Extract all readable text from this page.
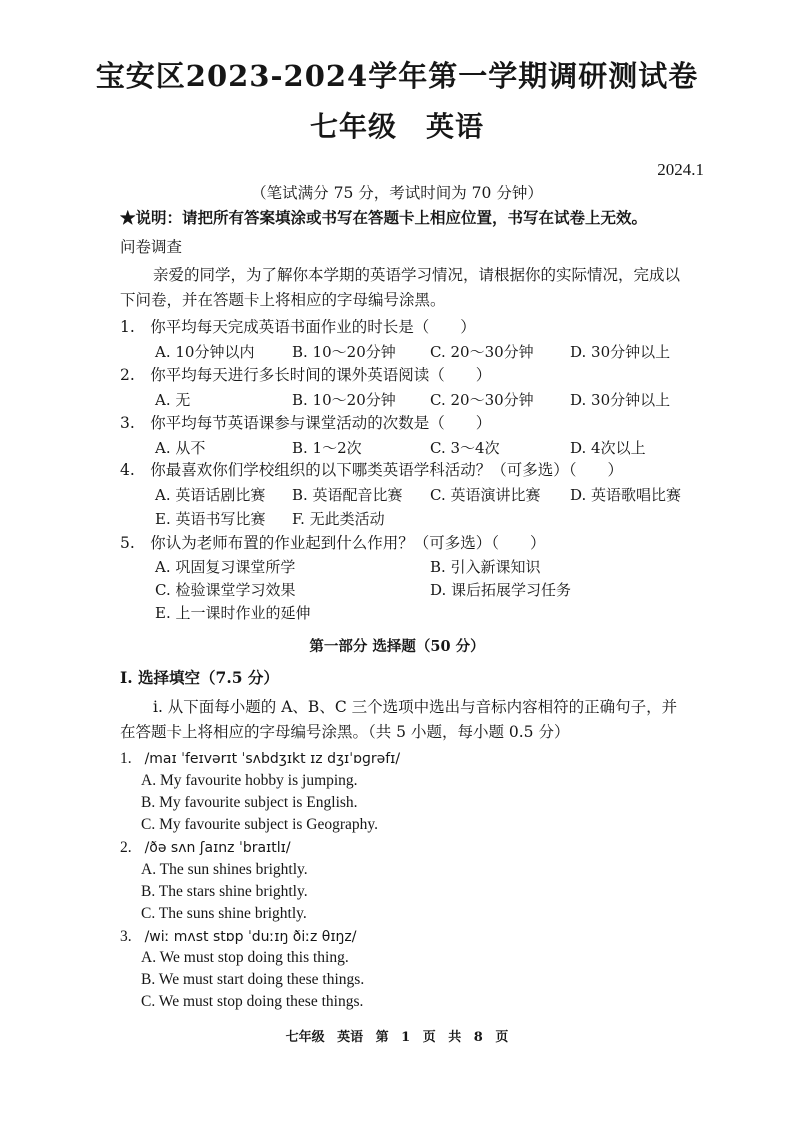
宝安区2023-2024学年第一学期调研测试卷
七年级　英语
2024.1
（笔试满分 75 分，考试时间为 70 分钟）
★说明：请把所有答案填涂或书写在答题卡上相应位置，书写在试卷上无效。
问卷调查
亲爱的同学，为了解你本学期的英语学习情况，请根据你的实际情况，完成以
下问卷，并在答题卡上将相应的字母编号涂黑。
1.　你平均每天完成英语书面作业的时长是（　　）
A. 10分钟以内	B. 10～20分钟 C. 20～30分钟 D. 30分钟以上
2.　你平均每天进行多长时间的课外英语阅读（　　）
A. 无	B. 10～20分钟 C. 20～30分钟 D. 30分钟以上
3.　你平均每节英语课参与课堂活动的次数是（　　）
A. 从不	B. 1～2次	C. 3～4次	D. 4次以上
4.　你最喜欢你们学校组织的以下哪类英语学科活动？（可多选）（　　）
A. 英语话剧比赛 B. 英语配音比赛 C. 英语演讲比赛 D. 英语歌唱比赛
E. 英语书写比赛 F. 无此类活动
5.　你认为老师布置的作业起到什么作用？（可多选）（　　）
A. 巩固复习课堂所学	B. 引入新课知识
C. 检验课堂学习效果	D. 课后拓展学习任务
E. 上一课时作业的延伸
第一部分 选择题（50 分）
I. 选择填空（7.5 分）
i. 从下面每小题的 A、B、C 三个选项中选出与音标内容相符的正确句子，并
在答题卡上将相应的字母编号涂黑。（共 5 小题，每小题 0.5 分）
1. /maɪ ˈfeɪvərɪt ˈsʌbdʒɪkt ɪz dʒɪˈɒɡrəfɪ/
A. My favourite hobby is jumping.
B. My favourite subject is English.
C. My favourite subject is Geography.
2. /ðə sʌn ʃaɪnz ˈbraɪtlɪ/
A. The sun shines brightly.
B. The stars shine brightly.
C. The suns shine brightly.
3. /wiː mʌst stɒp ˈduːɪŋ ðiːz θɪŋz/
A. We must stop doing this thing.
B. We must start doing these things.
C. We must stop doing these things.
七年级 英语 第 1 页 共 8 页
